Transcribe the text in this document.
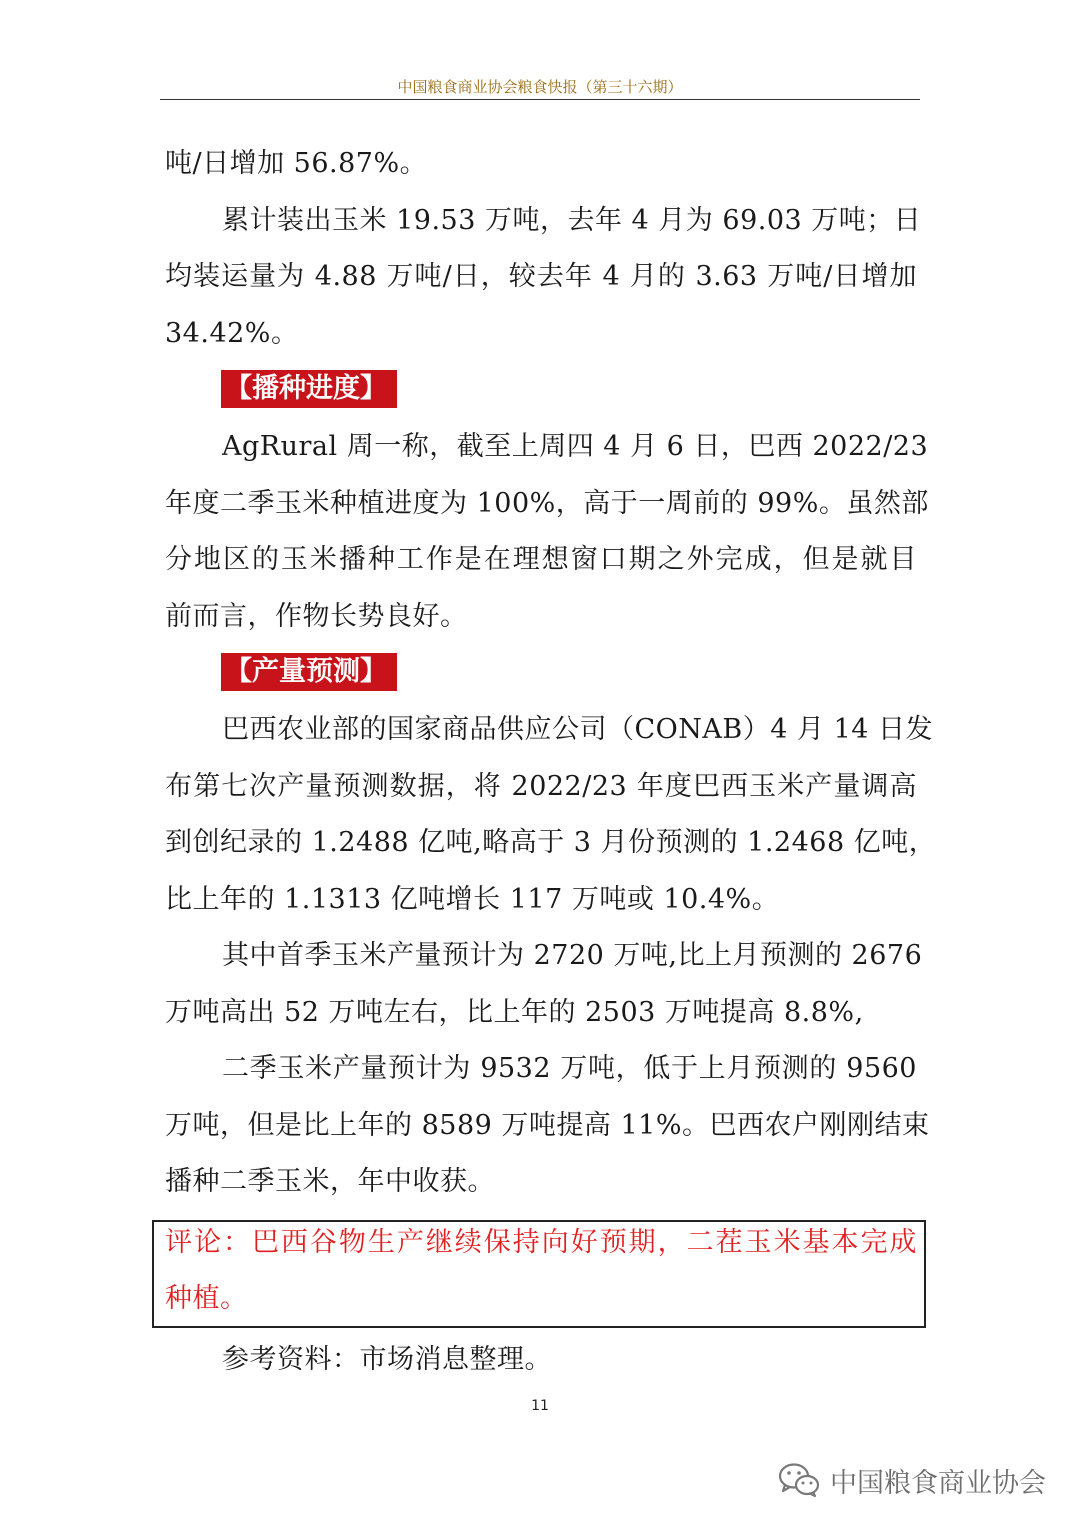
中国粮食商业协会粮食快报（第三十六期）
吨/日增加 56.87%。
累计装出玉米 19.53 万吨，去年 4 月为 69.03 万吨；日
均装运量为 4.88 万吨/日，较去年 4 月的 3.63 万吨/日增加
34.42%。
【播种进度】
AgRural 周一称，截至上周四 4 月 6 日，巴西 2022/23
年度二季玉米种植进度为 100%，高于一周前的 99%。虽然部
分地区的玉米播种工作是在理想窗口期之外完成，但是就目
前而言，作物长势良好。
【产量预测】
巴西农业部的国家商品供应公司（CONAB）4 月 14 日发
布第七次产量预测数据，将 2022/23 年度巴西玉米产量调高
到创纪录的 1.2488 亿吨,略高于 3 月份预测的 1.2468 亿吨，
比上年的 1.1313 亿吨增长 117 万吨或 10.4%。
其中首季玉米产量预计为 2720 万吨,比上月预测的 2676
万吨高出 52 万吨左右，比上年的 2503 万吨提高 8.8%,
二季玉米产量预计为 9532 万吨，低于上月预测的 9560
万吨，但是比上年的 8589 万吨提高 11%。巴西农户刚刚结束
播种二季玉米，年中收获。
评论：巴西谷物生产继续保持向好预期，二茬玉米基本完成
种植。
参考资料：市场消息整理。
11
中国粮食商业协会
